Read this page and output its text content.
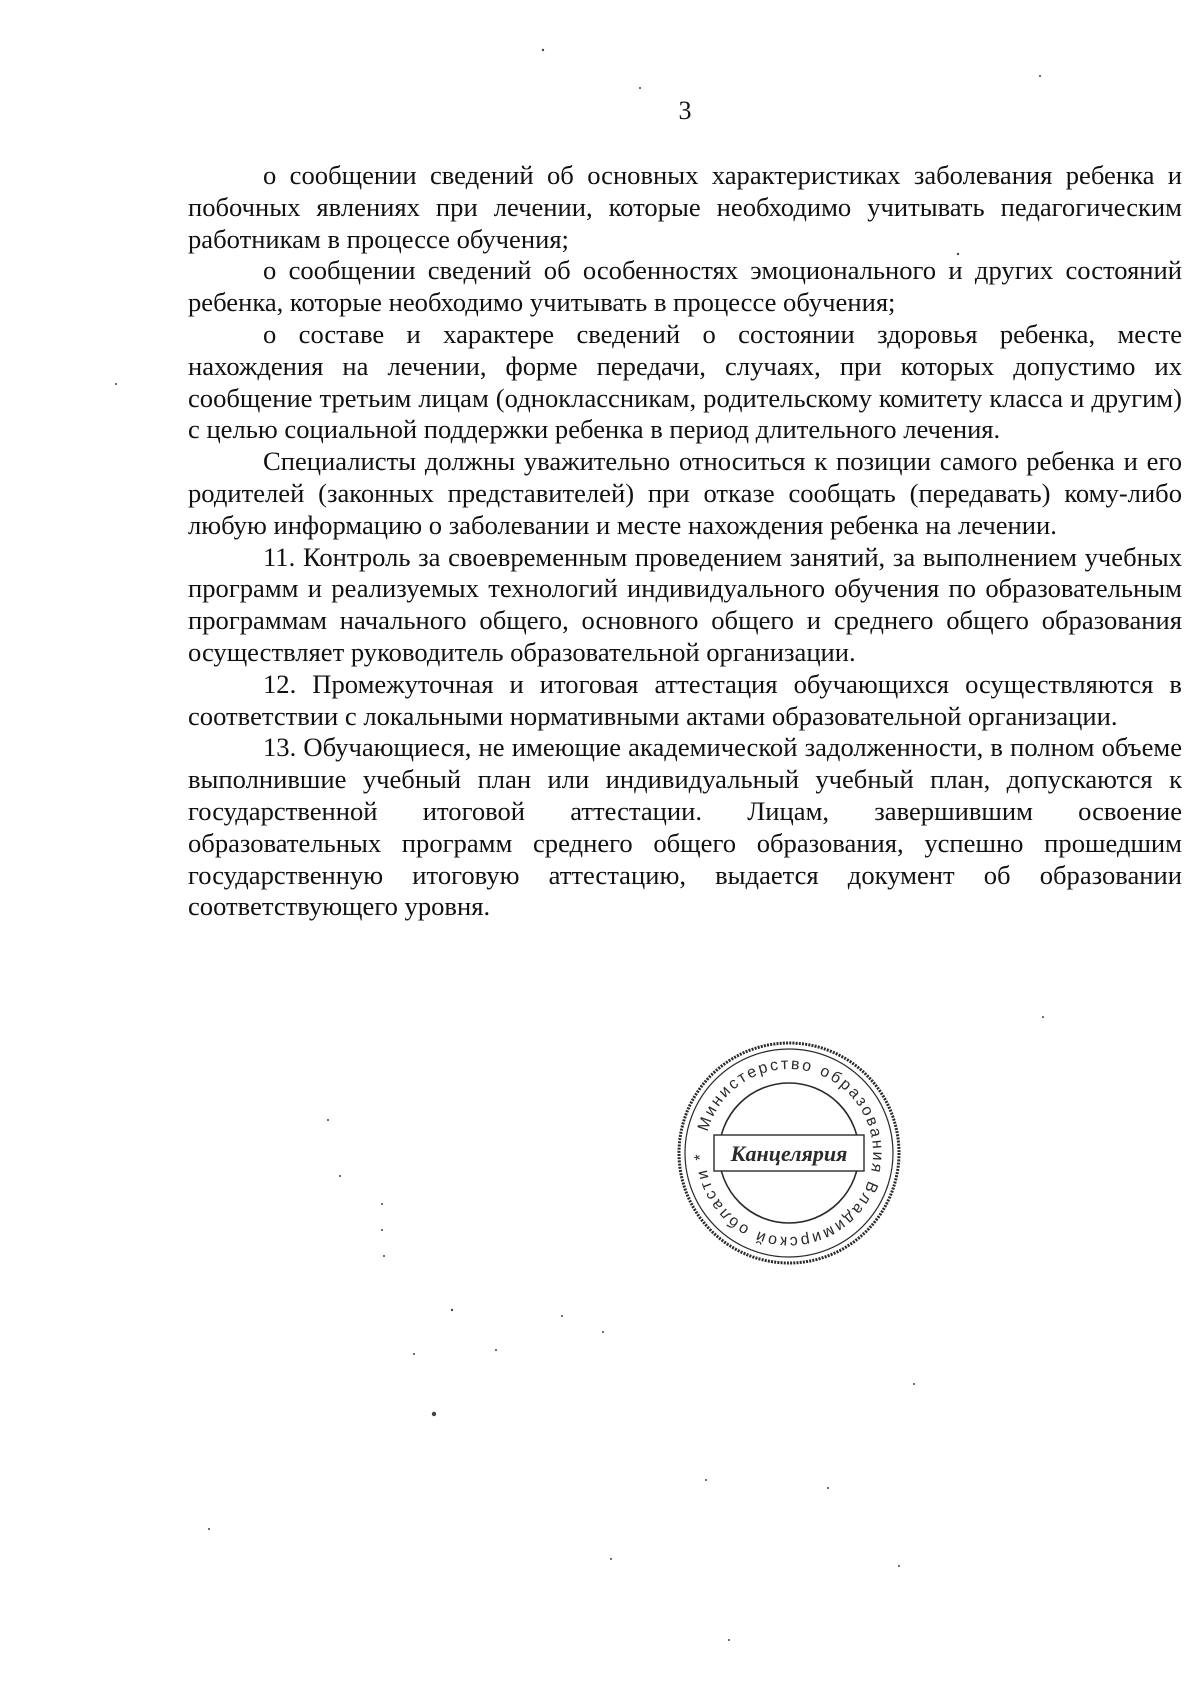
3

о сообщении сведений об основных характеристиках заболевания ребенка и побочных явлениях при лечении, которые необходимо учитывать педагогическим работникам в процессе обучения;

о сообщении сведений об особенностях эмоционального и других состояний ребенка, которые необходимо учитывать в процессе обучения;

о составе и характере сведений о состоянии здоровья ребенка, месте нахождения на лечении, форме передачи, случаях, при которых допустимо их сообщение третьим лицам (одноклассникам, родительскому комитету класса и другим) с целью социальной поддержки ребенка в период длительного лечения.

Специалисты должны уважительно относиться к позиции самого ребенка и его родителей (законных представителей) при отказе сообщать (передавать) кому-либо любую информацию о заболевании и месте нахождения ребенка на лечении.

11. Контроль за своевременным проведением занятий, за выполнением учебных программ и реализуемых технологий индивидуального обучения по образовательным программам начального общего, основного общего и среднего общего образования осуществляет руководитель образовательной организации.

12. Промежуточная и итоговая аттестация обучающихся осуществляются в соответствии с локальными нормативными актами образовательной организации.

13. Обучающиеся, не имеющие академической задолженности, в полном объеме выполнившие учебный план или индивидуальный учебный план, допускаются к государственной итоговой аттестации. Лицам, завершившим освоение образовательных программ среднего общего образования, успешно прошедшим государственную итоговую аттестацию, выдается документ об образовании соответствующего уровня.

Министерство образования Владимирской области * Канцелярия
